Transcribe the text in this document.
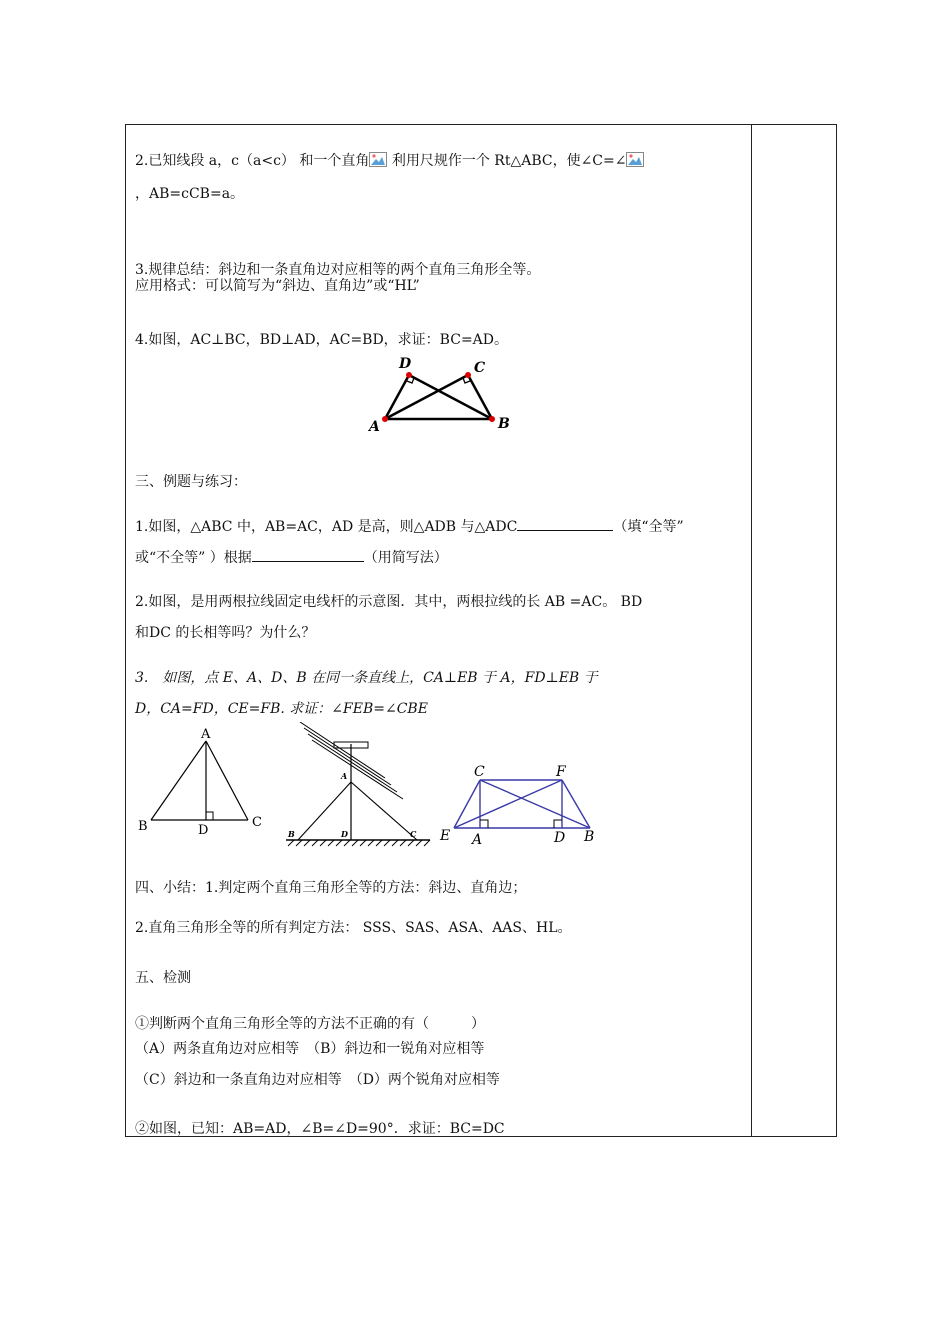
2.已知线段 a，c（a<c） 和一个直角 利用尺规作一个 Rt△ABC，使∠C=∠
，AB=cCB=a。
3.规律总结：斜边和一条直角边对应相等的两个直角三角形全等。
应用格式：可以简写为“斜边、直角边”或“HL”
4.如图，AC⊥BC，BD⊥AD，AC=BD，求证：BC=AD。
D	C
A	B
三、例题与练习：
1.如图，△ABC 中，AB=AC，AD 是高，则△ADB 与△ADC	（填“全等”
或“不全等” ）根据	（用简写法）
2.如图，是用两根拉线固定电线杆的示意图．其中，两根拉线的长 AB =AC。 BD
和DC 的长相等吗？为什么？
3.　如图，点 E、A、D、B 在同一条直线上，CA⊥EB 于 A，FD⊥EB 于
D，CA=FD，CE=FB. 求证：∠FEB=∠CBE
A
B	C
D
A
B	D	C
C	F
E A	D B
四、小结：1.判定两个直角三角形全等的方法：斜边、直角边；
2.直角三角形全等的所有判定方法： SSS、SAS、ASA、AAS、HL。
五、检测
①判断两个直角三角形全等的方法不正确的有（　　　）
（A）两条直角边对应相等　（B）斜边和一锐角对应相等
（C）斜边和一条直角边对应相等　（D）两个锐角对应相等
②如图，已知：AB=AD，∠B=∠D=90°．求证：BC=DC
